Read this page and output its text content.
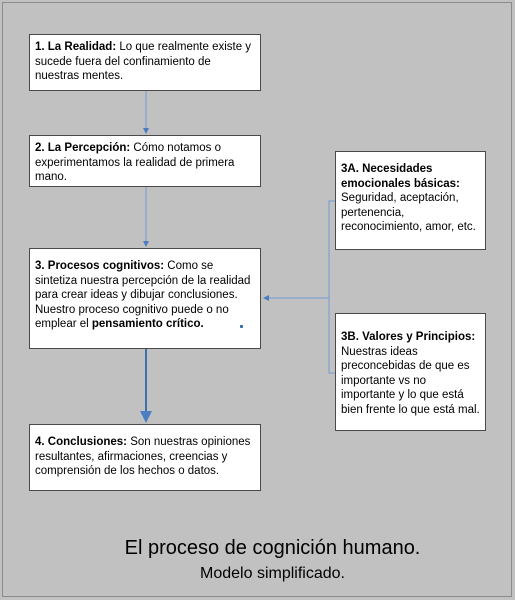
1. La Realidad: Lo que realmente existe y sucede fuera del confinamiento de nuestras mentes.
2. La Percepción: Cómo notamos o experimentamos la realidad de primera mano.
3. Procesos cognitivos: Como se sintetiza nuestra percepción de la realidad para crear ideas y dibujar conclusiones. Nuestro proceso cognitivo puede o no emplear el pensamiento crítico.
4. Conclusiones: Son nuestras opiniones resultantes, afirmaciones, creencias y comprensión de los hechos o datos.
3A. Necesidades emocionales básicas:
Seguridad, aceptación, pertenencia, reconocimiento, amor, etc.
3B. Valores y Principios:
Nuestras ideas preconcebidas de que es importante vs no importante y lo que está bien frente lo que está mal.
El proceso de cognición humano.
Modelo simplificado.
